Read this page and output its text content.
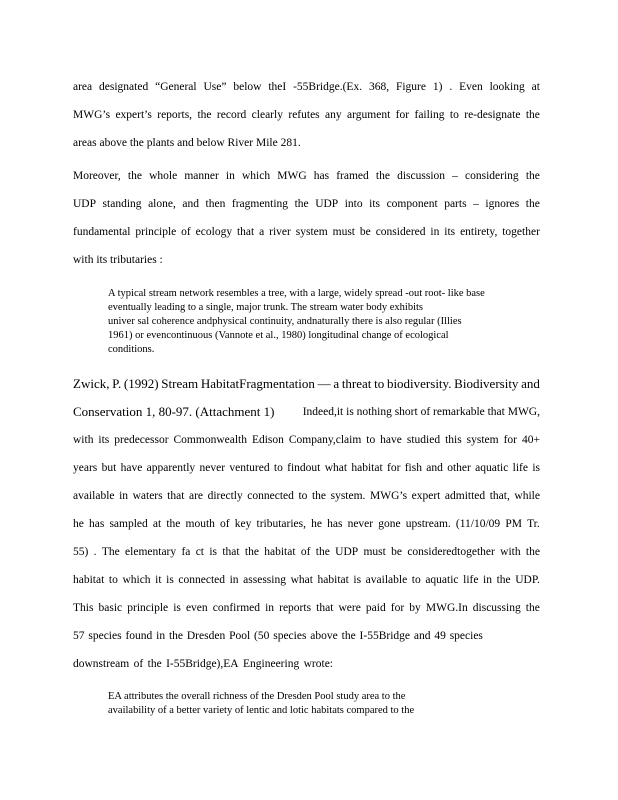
area designated “General Use” below theI -55Bridge.(Ex. 368, Figure 1) . Even looking at
MWG’s expert’s reports, the record clearly refutes any argument for failing to re-designate the
areas above the plants and below River Mile 281.
Moreover, the whole manner in which MWG has framed the discussion – considering the
UDP standing alone, and then fragmenting the UDP into its component parts – ignores the
fundamental principle of ecology that a river system must be considered in its entirety, together
with its tributaries :
A typical stream network resembles a tree, with a large, widely spread -out root- like base
eventually leading to a single, major trunk. The stream water body exhibits
univer sal coherence andphysical continuity, andnaturally there is also regular (Illies
1961) or evencontinuous (Vannote et al., 1980) longitudinal change of ecological
conditions.
Zwick, P. (1992) Stream HabitatFragmentation — a threat to biodiversity. Biodiversity and
Conservation 1, 80-97. (Attachment 1) Indeed,it is nothing short of remarkable that MWG,
with its predecessor Commonwealth Edison Company,claim to have studied this system for 40+
years but have apparently never ventured to findout what habitat for fish and other aquatic life is
available in waters that are directly connected to the system. MWG’s expert admitted that, while
he has sampled at the mouth of key tributaries, he has never gone upstream. (11/10/09 PM Tr.
55) . The elementary fa ct is that the habitat of the UDP must be consideredtogether with the
habitat to which it is connected in assessing what habitat is available to aquatic life in the UDP.
This basic principle is even confirmed in reports that were paid for by MWG.In discussing the
57 species found in the Dresden Pool (50 species above the I-55Bridge and 49 species
downstream of the I-55Bridge),EA Engineering wrote:
EA attributes the overall richness of the Dresden Pool study area to the
availability of a better variety of lentic and lotic habitats compared to the
